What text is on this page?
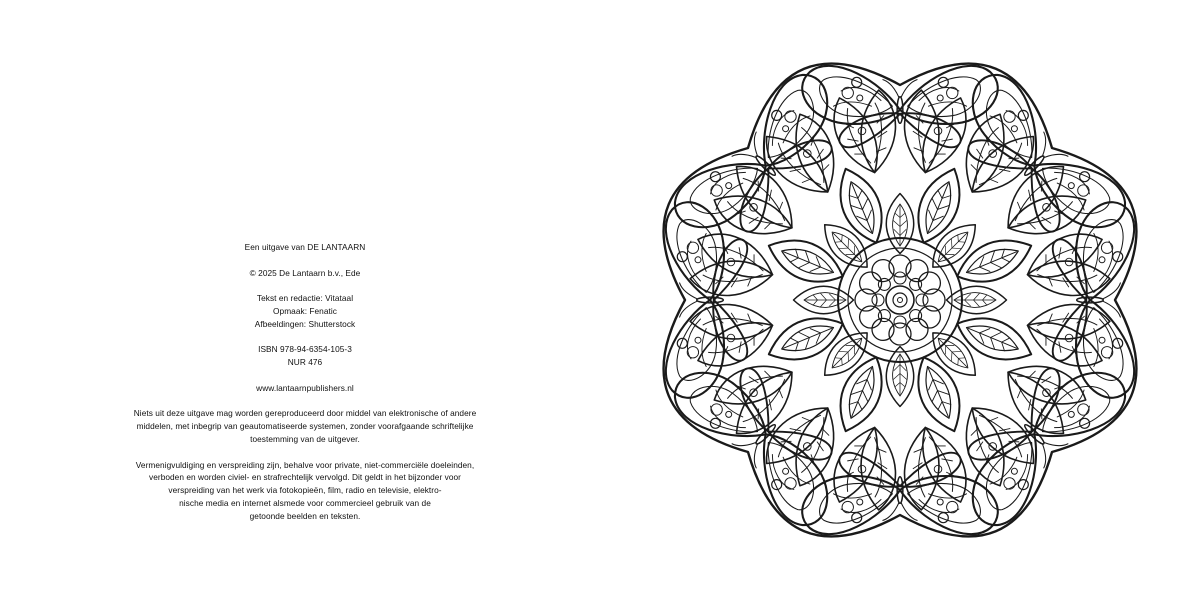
Een uitgave van DE LANTAARN
© 2025 De Lantaarn b.v., Ede
Tekst en redactie: Vitataal
Opmaak: Fenatic
Afbeeldingen: Shutterstock
ISBN 978-94-6354-105-3
NUR 476
www.lantaarnpublishers.nl
Niets uit deze uitgave mag worden gereproduceerd door middel van elektronische of andere
middelen, met inbegrip van geautomatiseerde systemen, zonder voorafgaande schriftelijke
toestemming van de uitgever.
Vermenigvuldiging en verspreiding zijn, behalve voor private, niet-commerciële doeleinden,
verboden en worden civiel- en strafrechtelijk vervolgd. Dit geldt in het bijzonder voor
verspreiding van het werk via fotokopieën, film, radio en televisie, elektro-
nische media en internet alsmede voor commercieel gebruik van de
getoonde beelden en teksten.
